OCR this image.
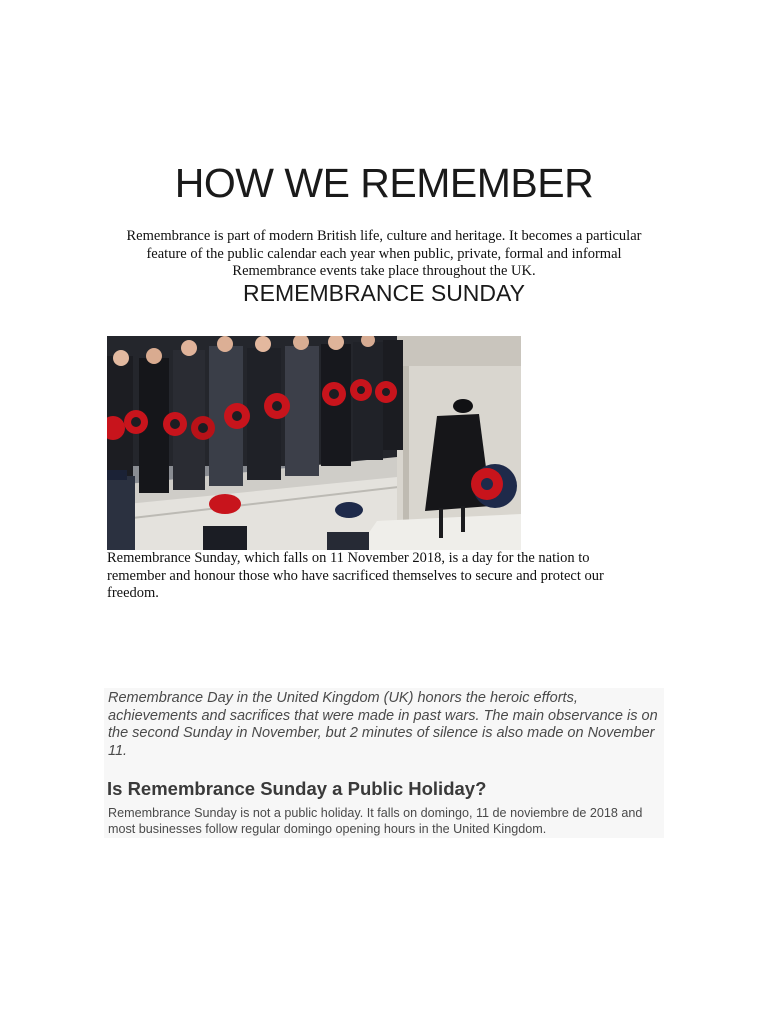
HOW WE REMEMBER

Remembrance is part of modern British life, culture and heritage. It becomes a particular feature of the public calendar each year when public, private, formal and informal Remembrance events take place throughout the UK.

REMEMBRANCE SUNDAY

Remembrance Sunday, which falls on 11 November 2018, is a day for the nation to remember and honour those who have sacrificed themselves to secure and protect our freedom.

Remembrance Day in the United Kingdom (UK) honors the heroic efforts, achievements and sacrifices that were made in past wars. The main observance is on the second Sunday in November, but 2 minutes of silence is also made on November 11.

Is Remembrance Sunday a Public Holiday?

Remembrance Sunday is not a public holiday. It falls on domingo, 11 de noviembre de 2018 and most businesses follow regular domingo opening hours in the United Kingdom.
